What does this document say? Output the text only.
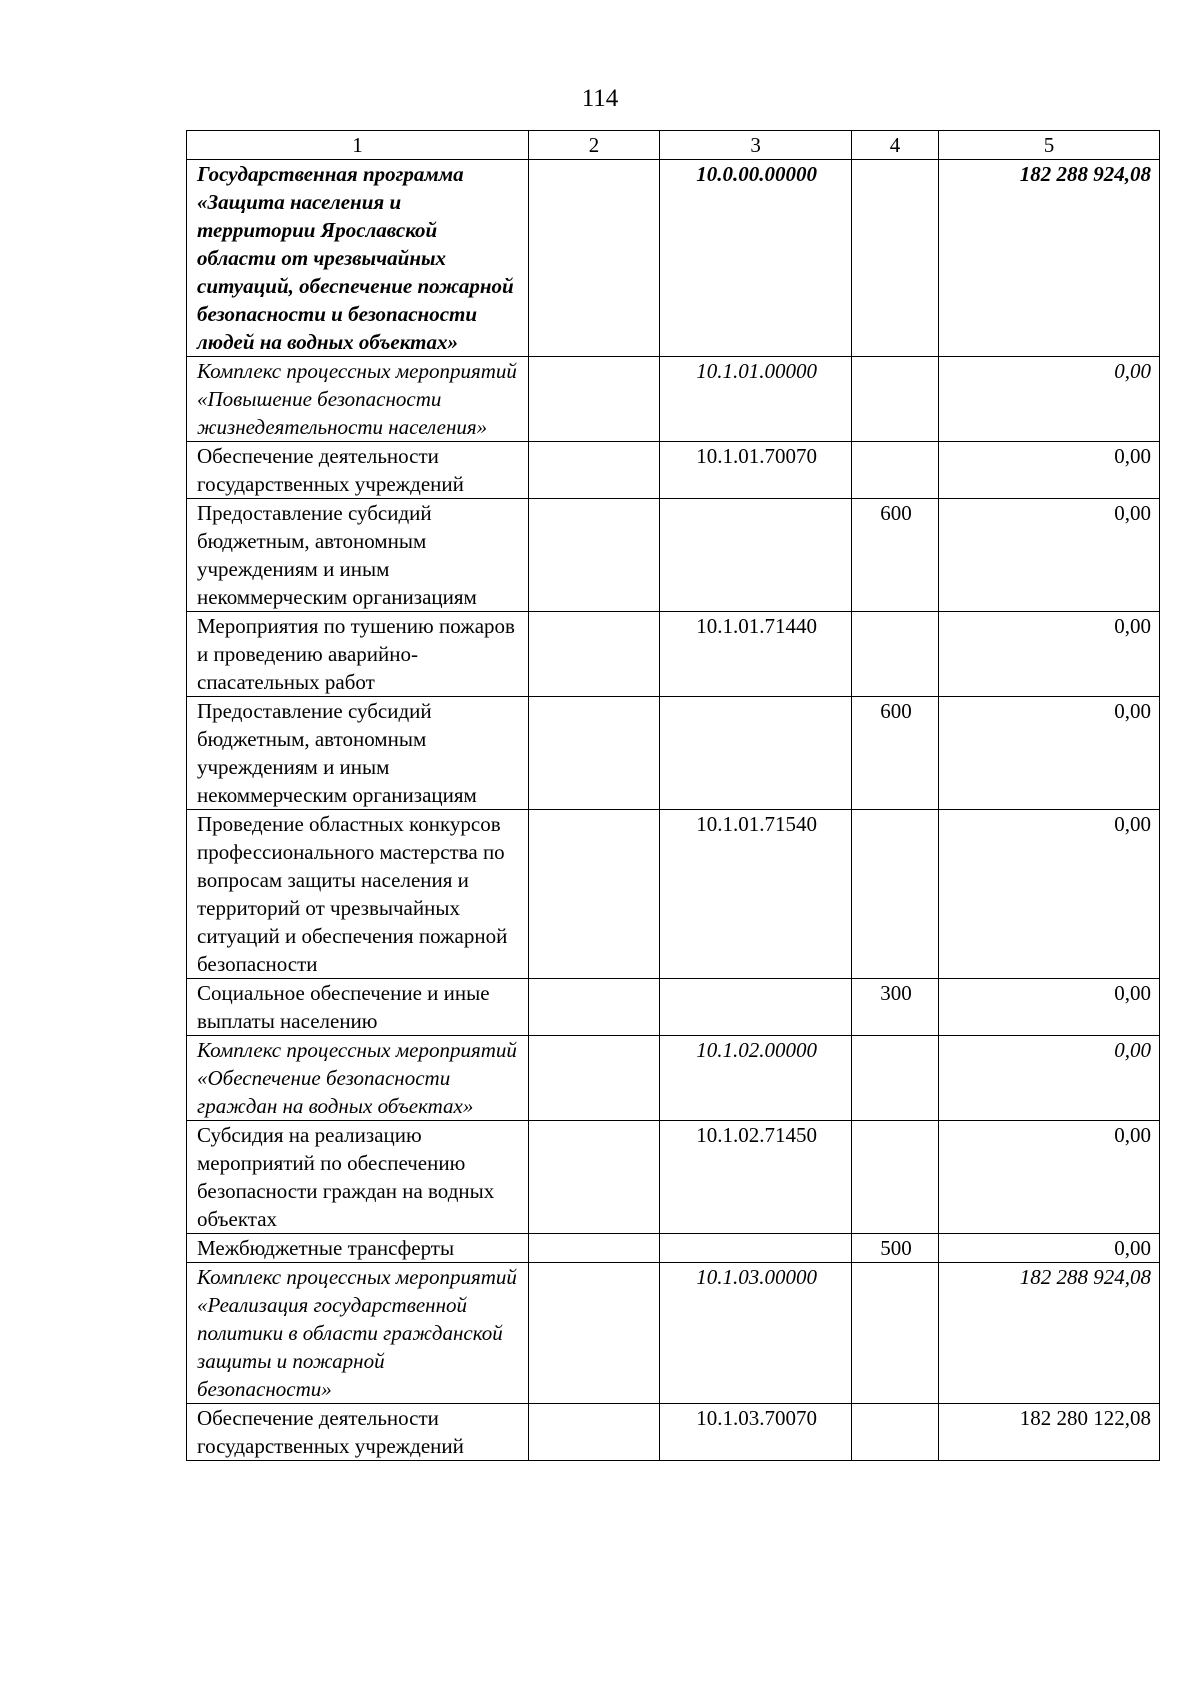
114
1	2	3	4	5
Государственная программа «Защита населения и территории Ярославской области от чрезвычайных ситуаций, обеспечение пожарной безопасности и безопасности людей на водных объектах»		10.0.00.00000		182 288 924,08
Комплекс процессных мероприятий «Повышение безопасности жизнедеятельности населения»		10.1.01.00000		0,00
Обеспечение деятельности государственных учреждений		10.1.01.70070		0,00
Предоставление субсидий бюджетным, автономным учреждениям и иным некоммерческим организациям			600	0,00
Мероприятия по тушению пожаров и проведению аварийно-спасательных работ		10.1.01.71440		0,00
Предоставление субсидий бюджетным, автономным учреждениям и иным некоммерческим организациям			600	0,00
Проведение областных конкурсов профессионального мастерства по вопросам защиты населения и территорий от чрезвычайных ситуаций и обеспечения пожарной безопасности		10.1.01.71540		0,00
Социальное обеспечение и иные выплаты населению			300	0,00
Комплекс процессных мероприятий «Обеспечение безопасности граждан на водных объектах»		10.1.02.00000		0,00
Субсидия на реализацию мероприятий по обеспечению безопасности граждан на водных объектах		10.1.02.71450		0,00
Межбюджетные трансферты			500	0,00
Комплекс процессных мероприятий «Реализация государственной политики в области гражданской защиты и пожарной безопасности»		10.1.03.00000		182 288 924,08
Обеспечение деятельности государственных учреждений		10.1.03.70070		182 280 122,08
